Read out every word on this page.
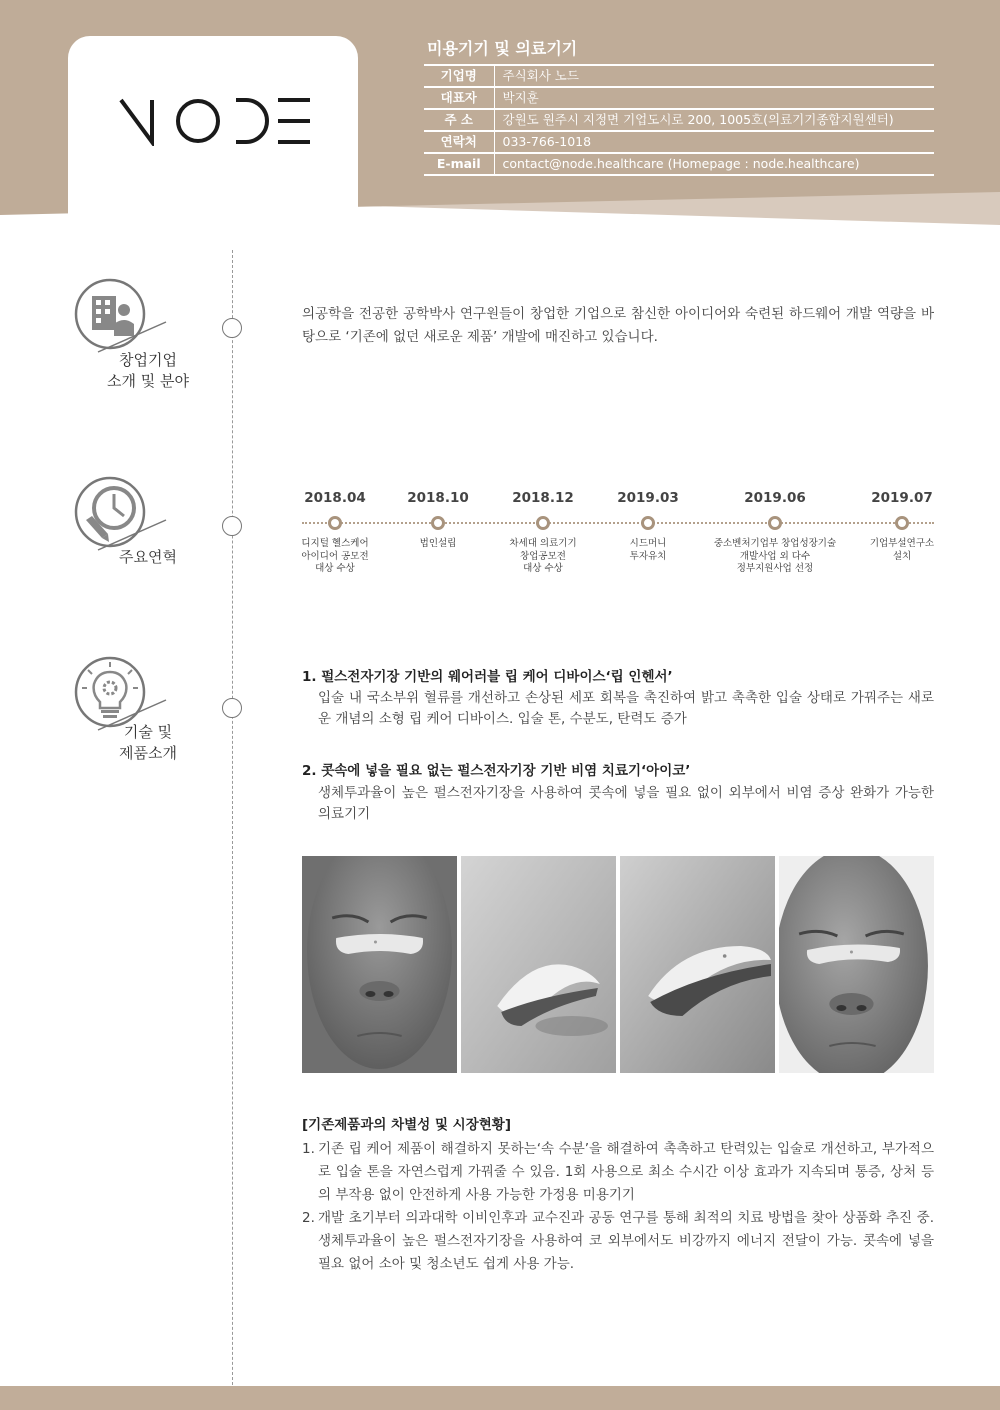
미용기기 및 의료기기
기업명	주식회사 노드
대표자	박지훈
주 소	강원도 원주시 지정면 기업도시로 200, 1005호(의료기기종합지원센터)
연락처	033-766-1018
E-mail	contact@node.healthcare (Homepage : node.healthcare)
창업기업
소개 및 분야
주요연혁
기술 및
제품소개

의공학을 전공한 공학박사 연구원들이 창업한 기업으로 참신한 아이디어와 숙련된 하드웨어 개발 역량을 바탕으로 ‘기존에 없던 새로운 제품’ 개발에 매진하고 있습니다.

2018.04
디지털 헬스케어
아이디어 공모전
대상 수상
2018.10
법인설립
2018.12
차세대 의료기기
창업공모전
대상 수상
2019.03
시드머니
투자유치
2019.06
중소벤처기업부 창업성장기술
개발사업 외 다수
정부지원사업 선정
2019.07
기업부설연구소
설치
1. 펄스전자기장 기반의 웨어러블 립 케어 디바이스‘립 인헨서’

입술 내 국소부위 혈류를 개선하고 손상된 세포 회복을 촉진하여 밝고 촉촉한 입술 상태로 가꿔주는 새로운 개념의 소형 립 케어 디바이스. 입술 톤, 수분도, 탄력도 증가

2. 콧속에 넣을 필요 없는 펄스전자기장 기반 비염 치료기‘아이코’

생체투과율이 높은 펄스전자기장을 사용하여 콧속에 넣을 필요 없이 외부에서 비염 증상 완화가 가능한 의료기기

[기존제품과의 차별성 및 시장현황]
1. 기존 립 케어 제품이 해결하지 못하는‘속 수분’을 해결하여 촉촉하고 탄력있는 입술로 개선하고, 부가적으로 입술 톤을 자연스럽게 가꿔줄 수 있음. 1회 사용으로 최소 수시간 이상 효과가 지속되며 통증, 상처 등의 부작용 없이 안전하게 사용 가능한 가정용 미용기기
2. 개발 초기부터 의과대학 이비인후과 교수진과 공동 연구를 통해 최적의 치료 방법을 찾아 상품화 추진 중. 생체투과율이 높은 펄스전자기장을 사용하여 코 외부에서도 비강까지 에너지 전달이 가능. 콧속에 넣을 필요 없어 소아 및 청소년도 쉽게 사용 가능.
